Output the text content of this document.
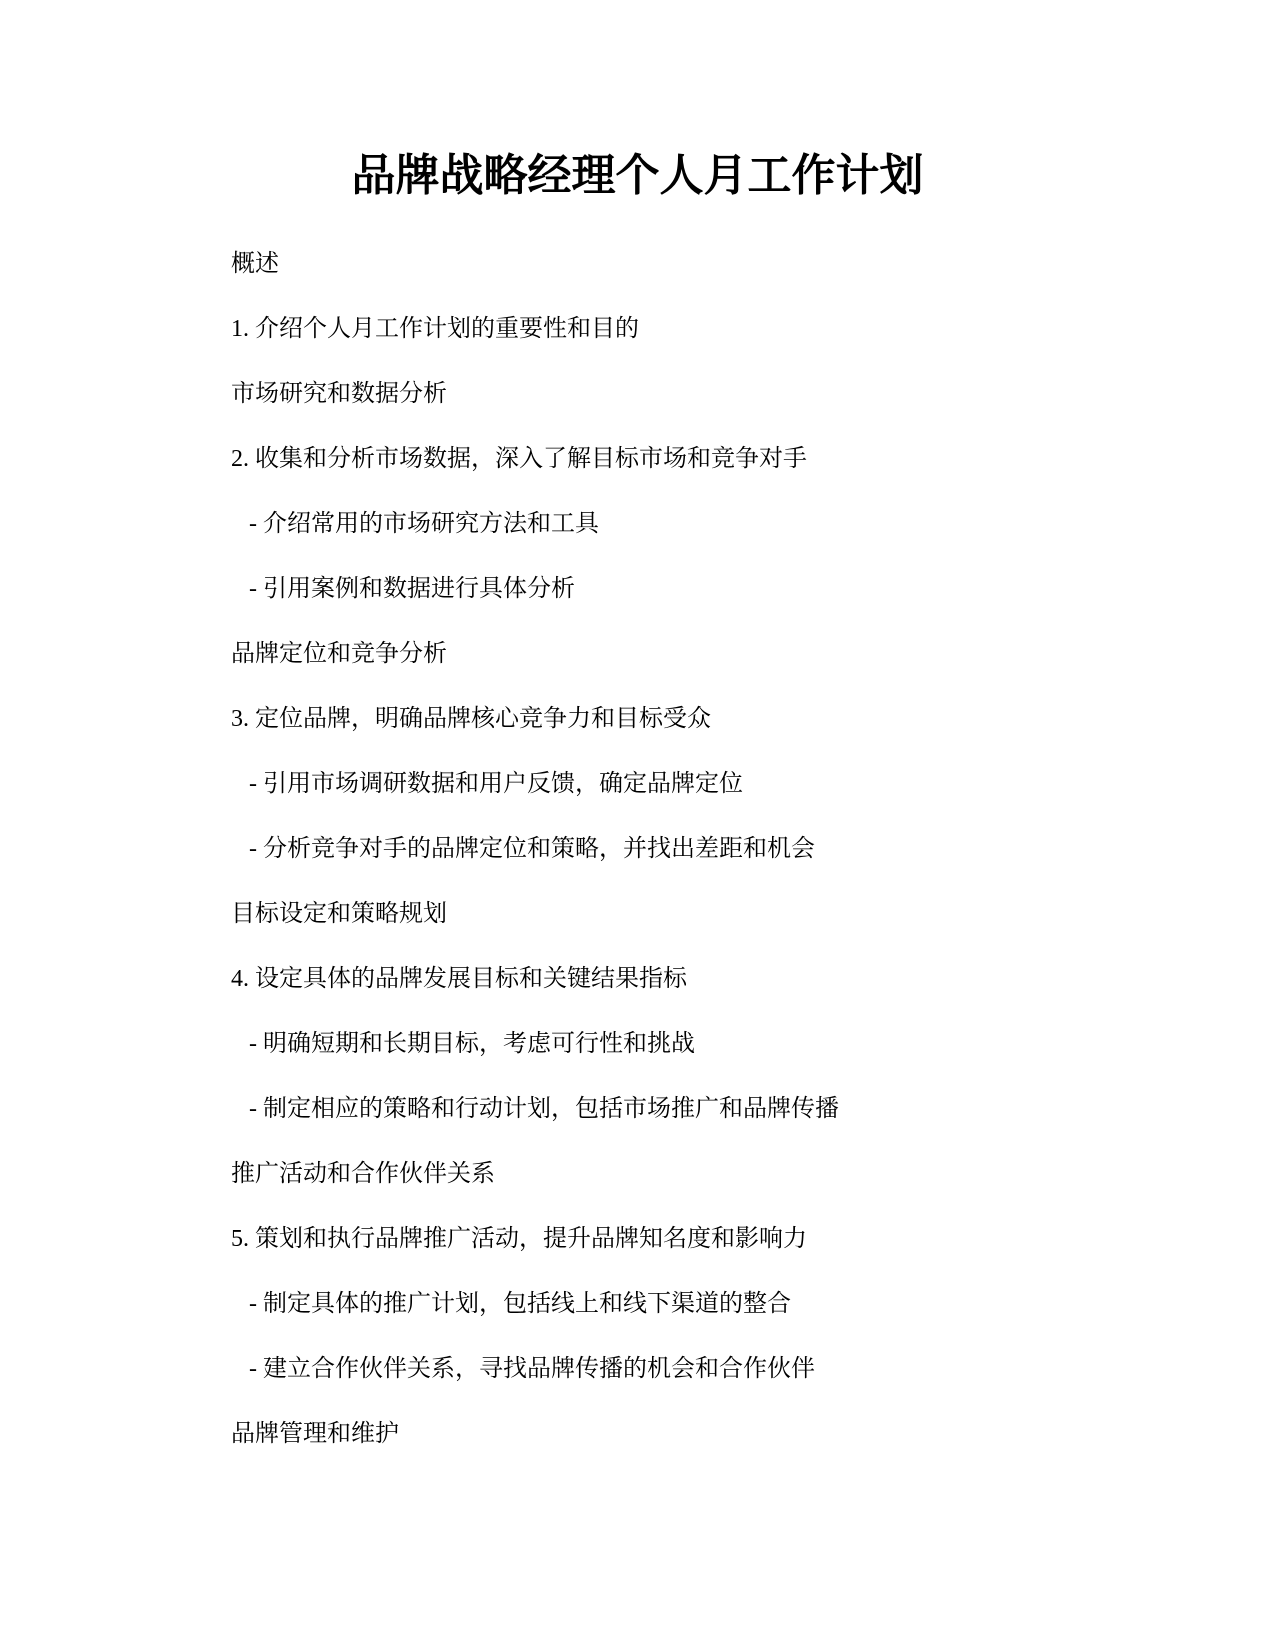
品牌战略经理个人月工作计划
概述
1. 介绍个人月工作计划的重要性和目的
市场研究和数据分析
2. 收集和分析市场数据，深入了解目标市场和竞争对手
- 介绍常用的市场研究方法和工具
- 引用案例和数据进行具体分析
品牌定位和竞争分析
3. 定位品牌，明确品牌核心竞争力和目标受众
- 引用市场调研数据和用户反馈，确定品牌定位
- 分析竞争对手的品牌定位和策略，并找出差距和机会
目标设定和策略规划
4. 设定具体的品牌发展目标和关键结果指标
- 明确短期和长期目标，考虑可行性和挑战
- 制定相应的策略和行动计划，包括市场推广和品牌传播
推广活动和合作伙伴关系
5. 策划和执行品牌推广活动，提升品牌知名度和影响力
- 制定具体的推广计划，包括线上和线下渠道的整合
- 建立合作伙伴关系，寻找品牌传播的机会和合作伙伴
品牌管理和维护
